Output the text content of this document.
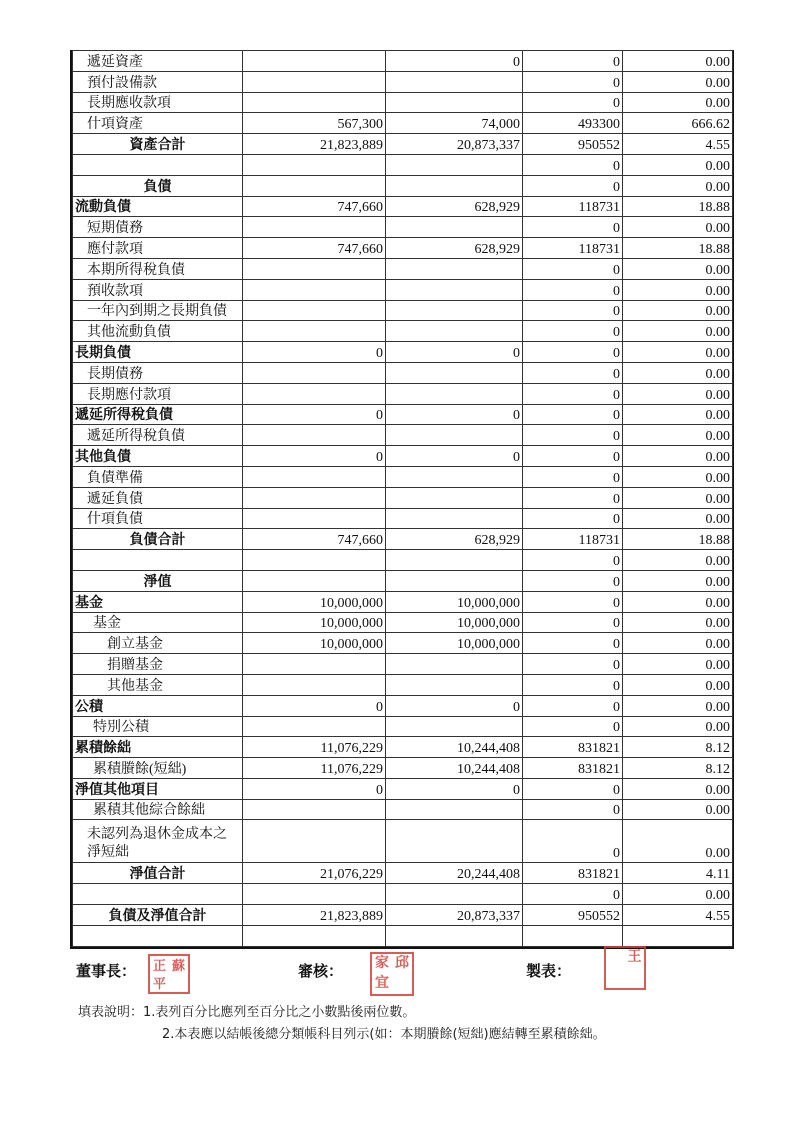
遞延資產		0	0	0.00
預付設備款			0	0.00
長期應收款項			0	0.00
什項資產	567,300	74,000	493300	666.62
資產合計	21,823,889	20,873,337	950552	4.55
			0	0.00
負債			0	0.00
流動負債	747,660	628,929	118731	18.88
短期債務			0	0.00
應付款項	747,660	628,929	118731	18.88
本期所得稅負債			0	0.00
預收款項			0	0.00
一年內到期之長期負債			0	0.00
其他流動負債			0	0.00
長期負債	0	0	0	0.00
長期債務			0	0.00
長期應付款項			0	0.00
遞延所得稅負債	0	0	0	0.00
遞延所得稅負債			0	0.00
其他負債	0	0	0	0.00
負債準備			0	0.00
遞延負債			0	0.00
什項負債			0	0.00
負債合計	747,660	628,929	118731	18.88
			0	0.00
淨值			0	0.00
基金	10,000,000	10,000,000	0	0.00
基金	10,000,000	10,000,000	0	0.00
創立基金	10,000,000	10,000,000	0	0.00
捐贈基金			0	0.00
其他基金			0	0.00
公積	0	0	0	0.00
特別公積			0	0.00
累積餘絀	11,076,229	10,244,408	831821	8.12
累積賸餘(短絀)	11,076,229	10,244,408	831821	8.12
淨值其他項目	0	0	0	0.00
累積其他綜合餘絀			0	0.00
未認列為退休金成本之淨短絀			0	0.00
淨值合計	21,076,229	20,244,408	831821	4.11
			0	0.00
負債及淨值合計	21,823,889	20,873,337	950552	4.55

董事長： 正 蘇
平
審核： 家 邱
宜
製表：
王
填表說明：1.表列百分比應列至百分比之小數點後兩位數。
2.本表應以結帳後總分類帳科目列示(如：本期賸餘(短絀)應結轉至累積餘絀。
